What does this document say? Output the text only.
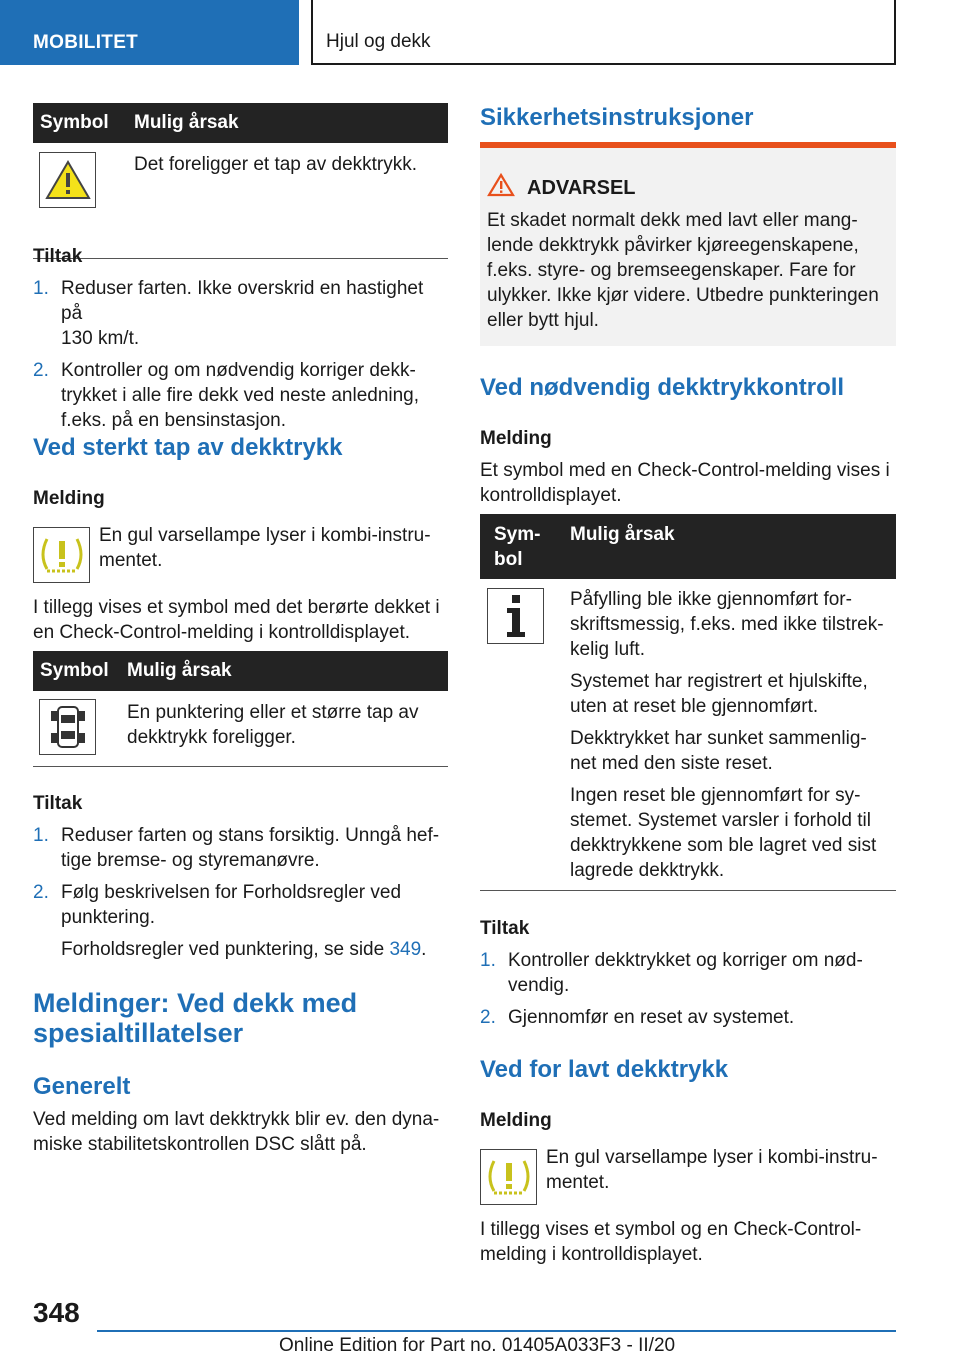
MOBILITET	Hjul og dekk
Symbol	Mulig årsak
Det foreligger et tap av dekktrykk.
Tiltak
1. Reduser farten. Ikke overskrid en hastighet på
130 km/t.
2. Kontroller og om nødvendig korriger dekk-
trykket i alle fire dekk ved neste anledning,
f.eks. på en bensinstasjon.
Ved sterkt tap av dekktrykk
Melding
En gul varsellampe lyser i kombi-instru-
mentet.
I tillegg vises et symbol med det berørte dekket i
en Check-Control-melding i kontrolldisplayet.
Symbol Mulig årsak
En punktering eller et større tap av
dekktrykk foreligger.
Tiltak
1. Reduser farten og stans forsiktig. Unngå hef-
tige bremse- og styremanøvre.
2. Følg beskrivelsen for Forholdsregler ved
punktering.
Forholdsregler ved punktering, se side 349.
Meldinger: Ved dekk med
spesialtillatelser
Generelt
Ved melding om lavt dekktrykk blir ev. den dyna-
miske stabilitetskontrollen DSC slått på.
Sikkerhetsinstruksjoner
ADVARSEL
Et skadet normalt dekk med lavt eller mang-
lende dekktrykk påvirker kjøreegenskapene,
f.eks. styre- og bremseegenskaper. Fare for
ulykker. Ikke kjør videre. Utbedre punkteringen
eller bytt hjul.
Ved nødvendig dekktrykkontroll
Melding
Et symbol med en Check-Control-melding vises i
kontrolldisplayet.
Sym-
bol
Mulig årsak
Påfylling ble ikke gjennomført for-
skriftsmessig, f.eks. med ikke tilstrek-
kelig luft.
Systemet har registrert et hjulskifte,
uten at reset ble gjennomført.
Dekktrykket har sunket sammenlig-
net med den siste reset.
Ingen reset ble gjennomført for sy-
stemet. Systemet varsler i forhold til
dekktrykkene som ble lagret ved sist
lagrede dekktrykk.
Tiltak
1. Kontroller dekktrykket og korriger om nød-
vendig.
2. Gjennomfør en reset av systemet.
Ved for lavt dekktrykk
Melding
En gul varsellampe lyser i kombi-instru-
mentet.
I tillegg vises et symbol og en Check-Control-
melding i kontrolldisplayet.
348
Online Edition for Part no. 01405A033F3 - II/20
